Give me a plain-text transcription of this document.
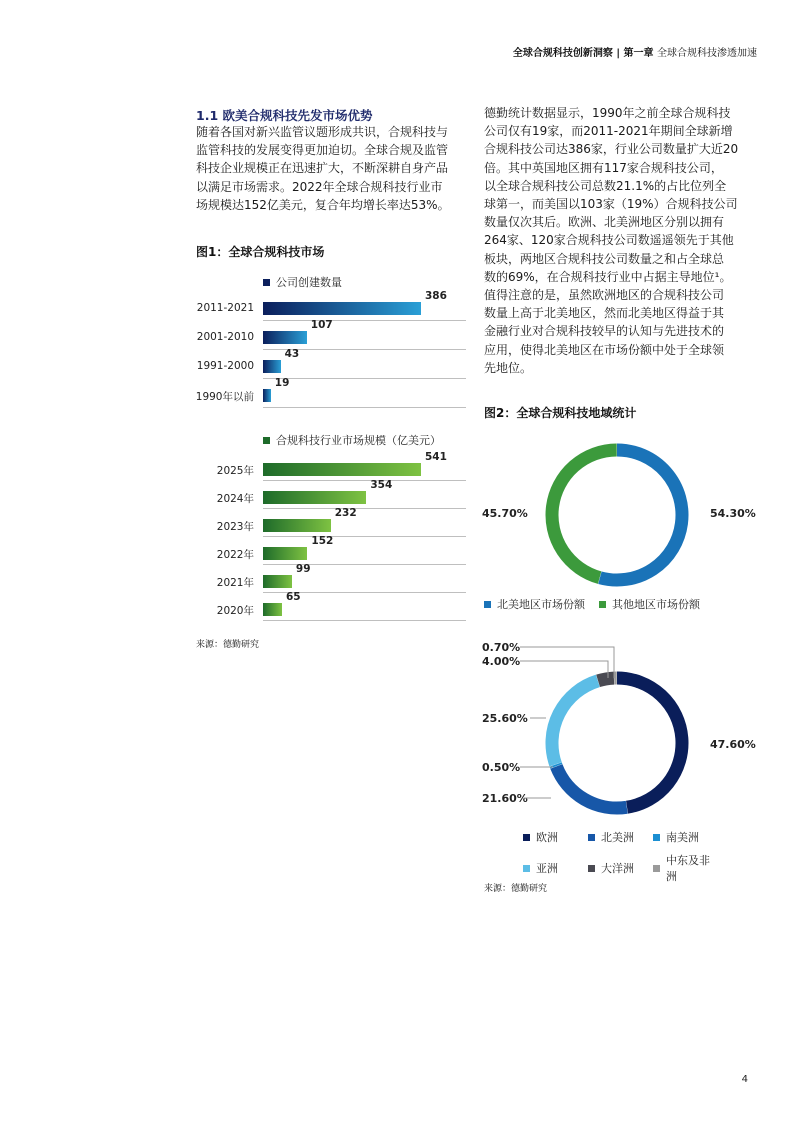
全球合规科技创新洞察 | 第一章 全球合规科技渗透加速
1.1 欧美合规科技先发市场优势

随着各国对新兴监管议题形成共识，合规科技与

监管科技的发展变得更加迫切。全球合规及监管

科技企业规模正在迅速扩大，不断深耕自身产品

以满足市场需求。2022年全球合规科技行业市

场规模达152亿美元，复合年均增长率达53%。

德勤统计数据显示，1990年之前全球合规科技

公司仅有19家，而2011-2021年期间全球新增

合规科技公司达386家，行业公司数量扩大近20

倍。其中英国地区拥有117家合规科技公司，

以全球合规科技公司总数21.1%的占比位列全

球第一，而美国以103家（19%）合规科技公司

数量仅次其后。欧洲、北美洲地区分别以拥有

264家、120家合规科技公司数遥遥领先于其他

板块，两地区合规科技公司数量之和占全球总

数的69%，在合规科技行业中占据主导地位¹。

值得注意的是，虽然欧洲地区的合规科技公司

数量上高于北美地区，然而北美地区得益于其

金融行业对合规科技较早的认知与先进技术的

应用，使得北美地区在市场份额中处于全球领

先地位。

图1：全球合规科技市场
公司创建数量
2011-2021
386
2001-2010
107
1991-2000
43
1990年以前
19
合规科技行业市场规模（亿美元）
2025年
541
2024年
354
2023年
232
2022年
152
2021年
99
2020年
65
来源：德勤研究
图2：全球合规科技地域统计
54.30%
45.70%
北美地区市场份额 其他地区市场份额
47.60%
21.60%
0.50%
25.60%
4.00%
0.70%
欧洲	北美洲	南美洲
亚洲	大洋洲
中东及非洲
来源：德勤研究
4
